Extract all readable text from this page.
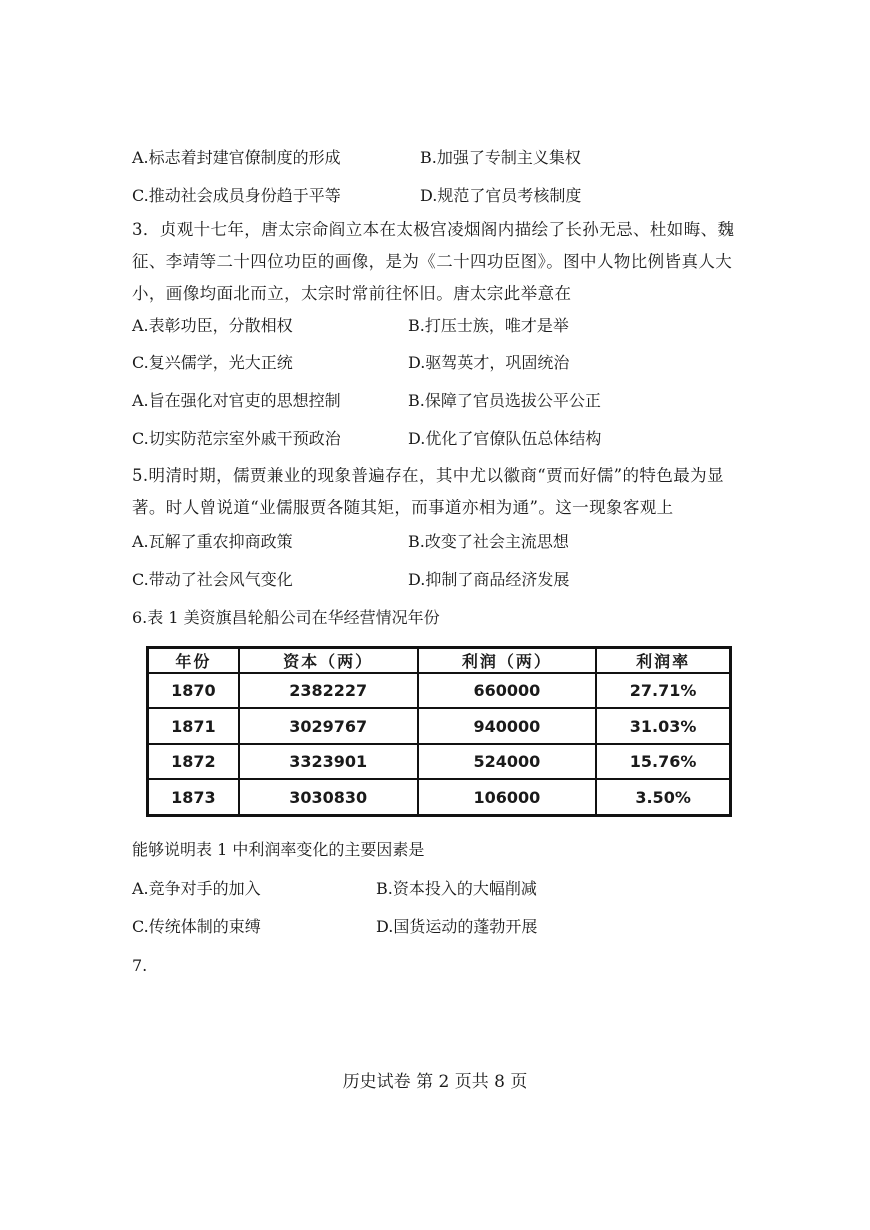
A.标志着封建官僚制度的形成	B.加强了专制主义集权
C.推动社会成员身份趋于平等	D.规范了官员考核制度
3．贞观十七年，唐太宗命阎立本在太极宫凌烟阁内描绘了长孙无忌、杜如晦、魏征、李靖等二十四位功臣的画像，是为《二十四功臣图》。图中人物比例皆真人大小，画像均面北而立，太宗时常前往怀旧。唐太宗此举意在
A.表彰功臣，分散相权	B.打压士族，唯才是举
C.复兴儒学，光大正统	D.驱驾英才，巩固统治
A.旨在强化对官吏的思想控制	B.保障了官员选拔公平公正
C.切实防范宗室外戚干预政治	D.优化了官僚队伍总体结构
5.明清时期，儒贾兼业的现象普遍存在，其中尤以徽商“贾而好儒”的特色最为显著。时人曾说道“业儒服贾各随其矩，而事道亦相为通”。这一现象客观上
A.瓦解了重农抑商政策	B.改变了社会主流思想
C.带动了社会风气变化	D.抑制了商品经济发展
6.表 1 美资旗昌轮船公司在华经营情况年份
年份	资本（两）	利润（两）	利润率
1870	2382227	660000	27.71%
1871	3029767	940000	31.03%
1872	3323901	524000	15.76%
1873	3030830	106000	3.50%
能够说明表 1 中利润率变化的主要因素是
A.竞争对手的加入	B.资本投入的大幅削减
C.传统体制的束缚	D.国货运动的蓬勃开展
7.
历史试卷 第 2 页共 8 页
